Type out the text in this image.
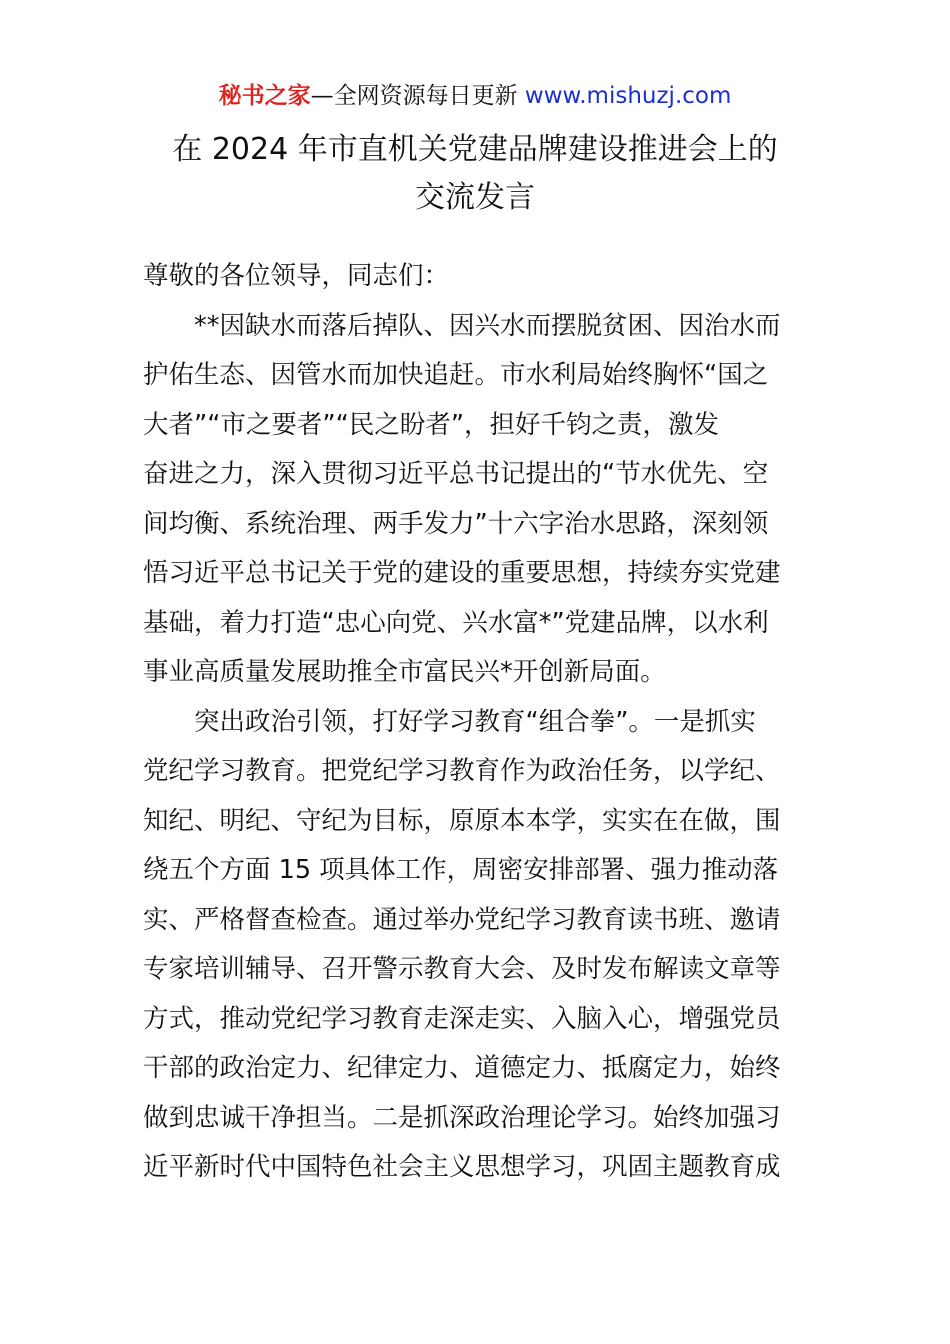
秘书之家—全网资源每日更新 www.mishuzj.com
在 2024 年市直机关党建品牌建设推进会上的
交流发言
尊敬的各位领导，同志们：
**因缺水而落后掉队、因兴水而摆脱贫困、因治水而
护佑生态、因管水而加快追赶。市水利局始终胸怀“国之
大者”“市之要者”“民之盼者”，担好千钧之责，激发
奋进之力，深入贯彻习近平总书记提出的“节水优先、空
间均衡、系统治理、两手发力”十六字治水思路，深刻领
悟习近平总书记关于党的建设的重要思想，持续夯实党建
基础，着力打造“忠心向党、兴水富*”党建品牌，以水利
事业高质量发展助推全市富民兴*开创新局面。
突出政治引领，打好学习教育“组合拳”。一是抓实
党纪学习教育。把党纪学习教育作为政治任务，以学纪、
知纪、明纪、守纪为目标，原原本本学，实实在在做，围
绕五个方面 15 项具体工作，周密安排部署、强力推动落
实、严格督查检查。通过举办党纪学习教育读书班、邀请
专家培训辅导、召开警示教育大会、及时发布解读文章等
方式，推动党纪学习教育走深走实、入脑入心，增强党员
干部的政治定力、纪律定力、道德定力、抵腐定力，始终
做到忠诚干净担当。二是抓深政治理论学习。始终加强习
近平新时代中国特色社会主义思想学习，巩固主题教育成
